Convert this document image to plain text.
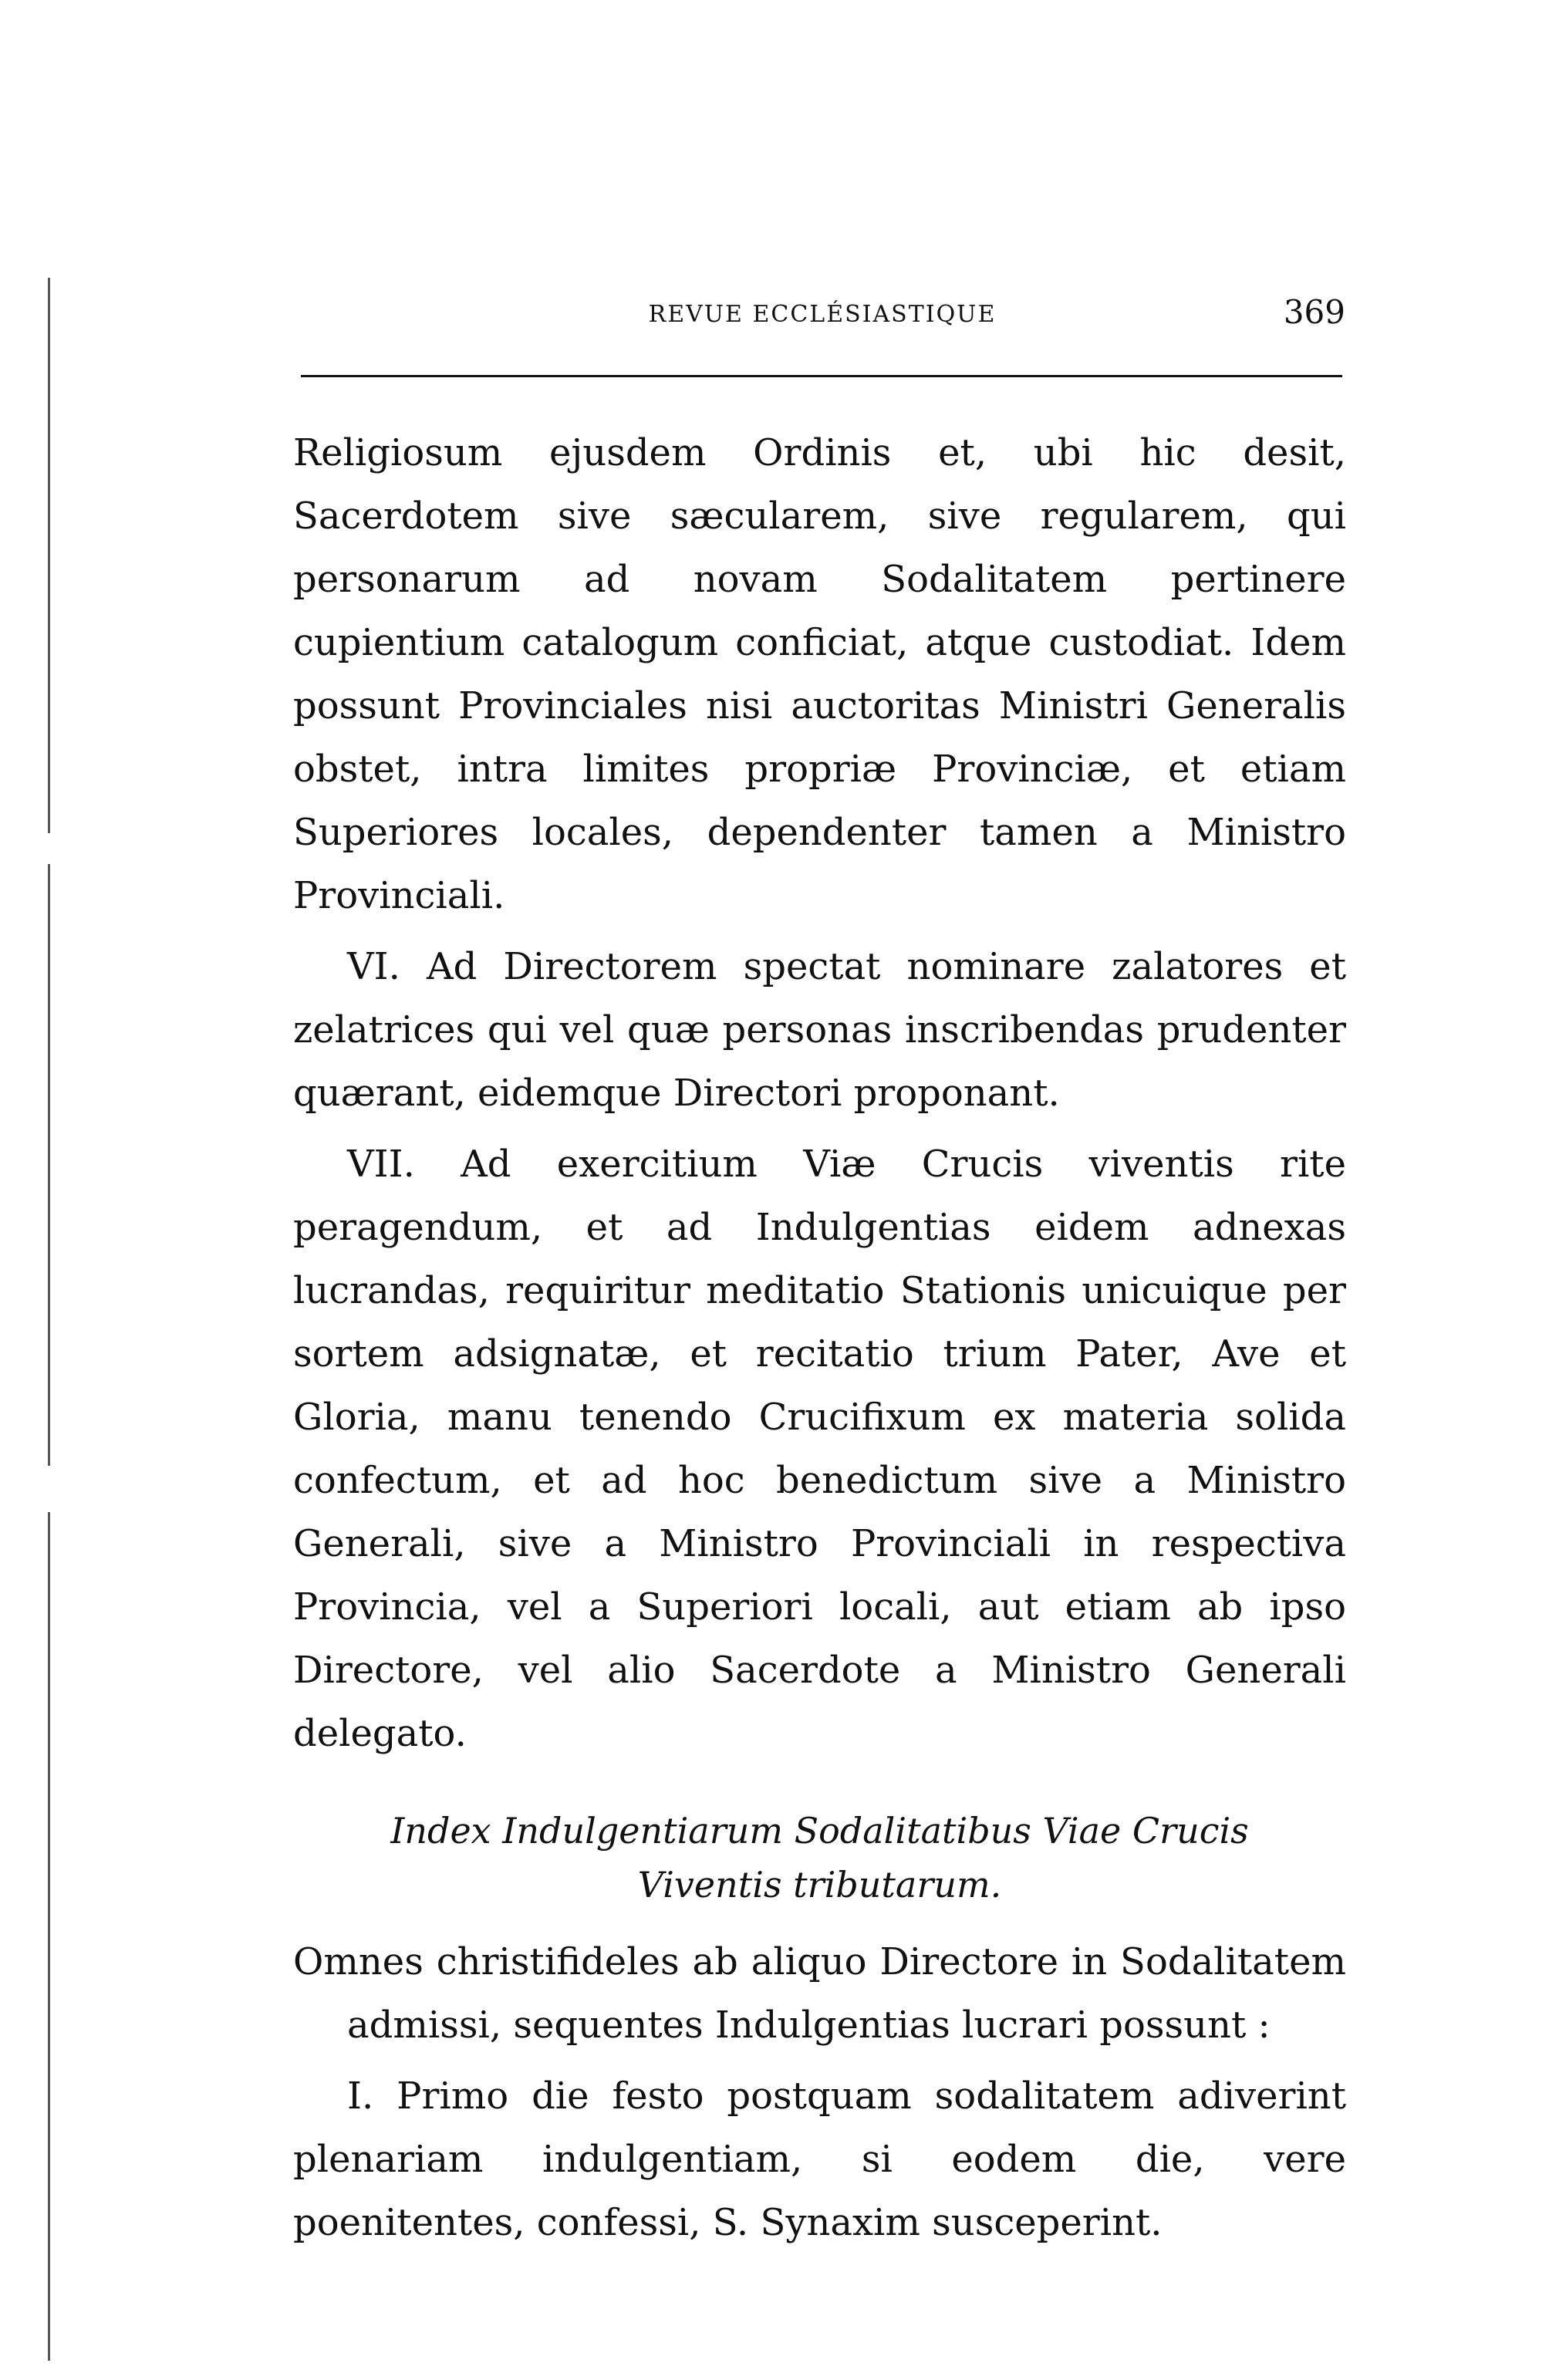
REVUE ECCLÉSIASTIQUE	369

Religiosum ejusdem Ordinis et, ubi hic desit, Sacerdotem sive sæcularem, sive regularem, qui personarum ad novam Sodalitatem pertinere cupientium catalogum conficiat, atque custodiat. Idem possunt Provinciales nisi auctoritas Ministri Generalis obstet, intra limites propriæ Provinciæ, et etiam Superiores locales, dependenter tamen a Ministro Provinciali.

VI. Ad Directorem spectat nominare zalatores et zelatrices qui vel quæ personas inscribendas prudenter quærant, eidemque Directori proponant.

VII. Ad exercitium Viæ Crucis viventis rite peragendum, et ad Indulgentias eidem adnexas lucrandas, requiritur meditatio Stationis unicuique per sortem adsignatæ, et recitatio trium Pater, Ave et Gloria, manu tenendo Crucifixum ex materia solida confectum, et ad hoc benedictum sive a Ministro Generali, sive a Ministro Provinciali in respectiva Provincia, vel a Superiori locali, aut etiam ab ipso Directore, vel alio Sacerdote a Ministro Generali delegato.

Index Indulgentiarum Sodalitatibus Viae Crucis Viventis tributarum.

Omnes christifideles ab aliquo Directore in Sodalitatem admissi, sequentes Indulgentias lucrari possunt :

I. Primo die festo postquam sodalitatem adiverint plenariam indulgentiam, si eodem die, vere poenitentes, confessi, S. Synaxim susceperint.
